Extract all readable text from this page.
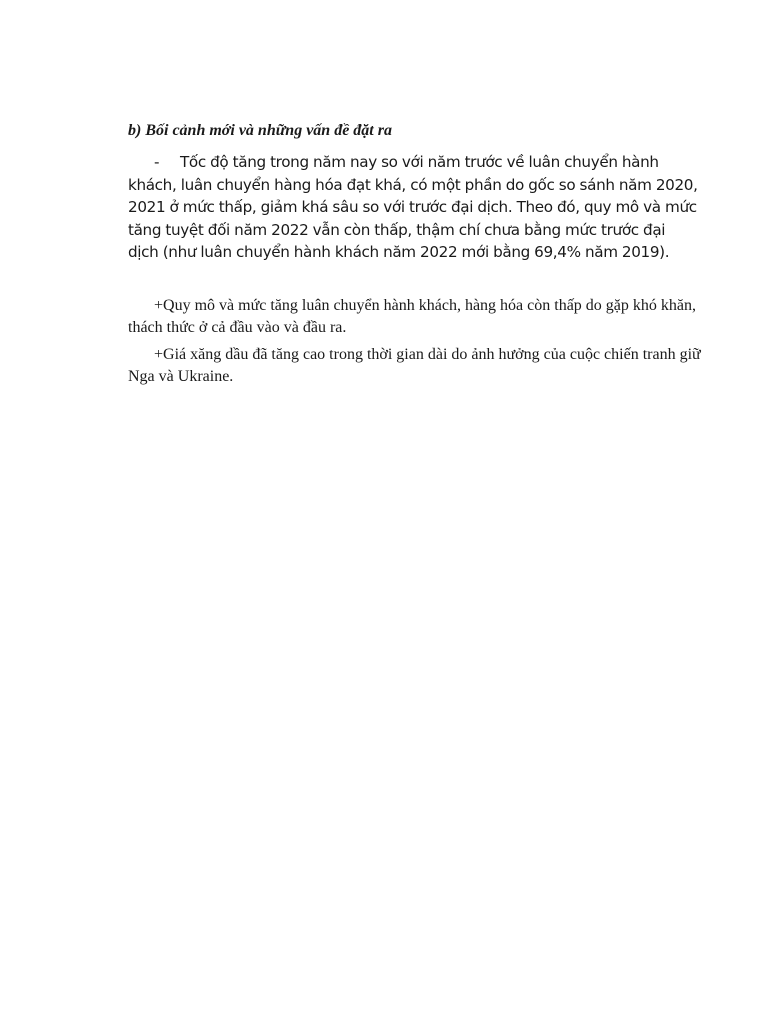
b) Bối cảnh mới và những vấn đề đặt ra

- Tốc độ tăng trong năm nay so với năm trước về luân chuyển hành khách, luân chuyển hàng hóa đạt khá, có một phần do gốc so sánh năm 2020, 2021 ở mức thấp, giảm khá sâu so với trước đại dịch. Theo đó, quy mô và mức tăng tuyệt đối năm 2022 vẫn còn thấp, thậm chí chưa bằng mức trước đại dịch (như luân chuyển hành khách năm 2022 mới bằng 69,4% năm 2019).

+Quy mô và mức tăng luân chuyển hành khách, hàng hóa còn thấp do gặp khó khăn, thách thức ở cả đầu vào và đầu ra.

+Giá xăng dầu đã tăng cao trong thời gian dài do ảnh hưởng của cuộc chiến tranh giữ Nga và Ukraine.
